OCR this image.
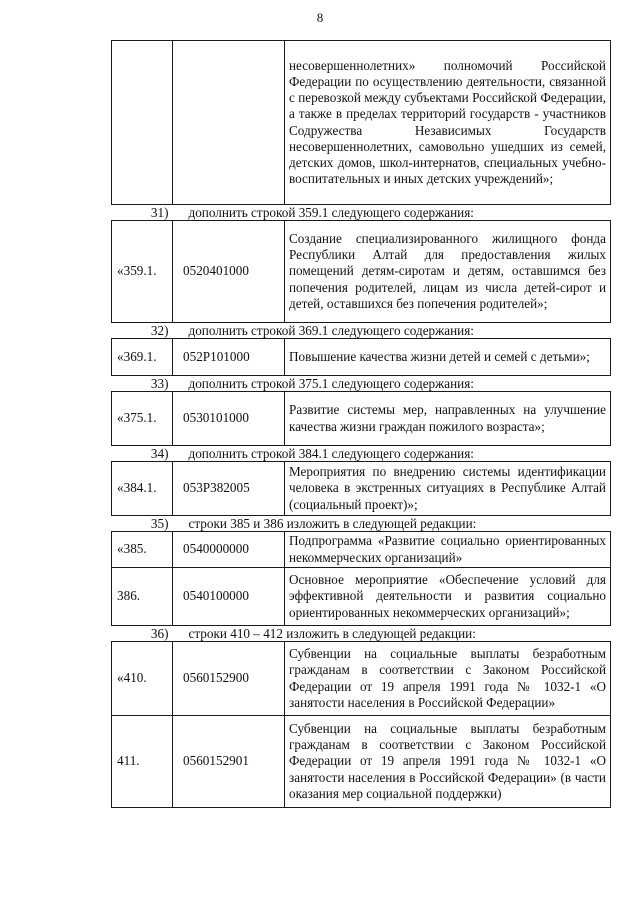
8

		несовершеннолетних» полномочий Российской Федерации по осуществлению деятельности, связанной с перевозкой между субъектами Российской Федерации, а также в пределах территорий государств - участников Содружества Независимых Государств несовершеннолетних, самовольно ушедших из семей, детских домов, школ-интернатов, специальных учебно-воспитательных и иных детских учреждений»;

31) дополнить строкой 359.1 следующего содержания:		

«359.1.	0520401000	Создание специализированного жилищного фонда Республики Алтай для предоставления жилых помещений детям-сиротам и детям, оставшимся без попечения родителей, лицам из числа детей-сирот и детей, оставшихся без попечения родителей»;

32) дополнить строкой 369.1 следующего содержания:		

«369.1.	052P101000	Повышение качества жизни детей и семей с детьми»;

33) дополнить строкой 375.1 следующего содержания:		

«375.1.	0530101000	Развитие системы мер, направленных на улучшение качества жизни граждан пожилого возраста»;

34) дополнить строкой 384.1 следующего содержания:		

«384.1.	053P382005	Мероприятия по внедрению системы идентификации человека в экстренных ситуациях в Республике Алтай (социальный проект)»;

35) строки 385 и 386 изложить в следующей редакции:		

«385.	0540000000	Подпрограмма «Развитие социально ориентированных некоммерческих организаций»

386.	0540100000	Основное мероприятие «Обеспечение условий для эффективной деятельности и развития социально ориентированных некоммерческих организаций»;

36) строки 410 – 412 изложить в следующей редакции:		

«410.	0560152900	Субвенции на социальные выплаты безработным гражданам в соответствии с Законом Российской Федерации от 19 апреля 1991 года № 1032-1 «О занятости населения в Российской Федерации»

411.	0560152901	Субвенции на социальные выплаты безработным гражданам в соответствии с Законом Российской Федерации от 19 апреля 1991 года № 1032-1 «О занятости населения в Российской Федерации» (в части оказания мер социальной поддержки)
